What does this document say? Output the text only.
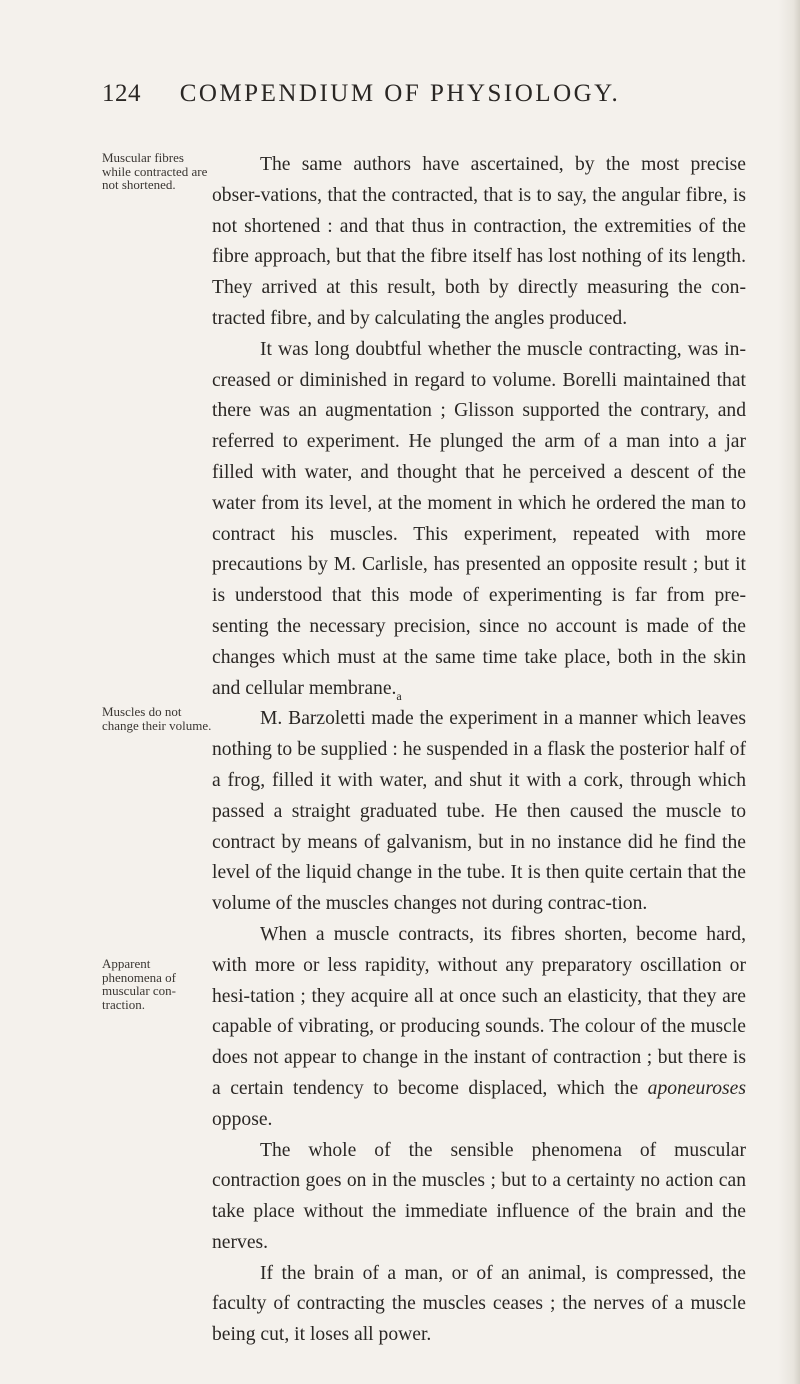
124	COMPENDIUM OF PHYSIOLOGY.
Muscular fibres while contracted are not shortened.
Muscles do not change their volume.
Apparent phenomena of muscular con-traction.

The same authors have ascertained, by the most precise obser-vations, that the contracted, that is to say, the angular fibre, is not shortened : and that thus in contraction, the extremities of the fibre approach, but that the fibre itself has lost nothing of its length. They arrived at this result, both by directly measuring the con-tracted fibre, and by calculating the angles produced.

It was long doubtful whether the muscle contracting, was in-creased or diminished in regard to volume. Borelli maintained that there was an augmentation ; Glisson supported the contrary, and referred to experiment. He plunged the arm of a man into a jar filled with water, and thought that he perceived a descent of the water from its level, at the moment in which he ordered the man to contract his muscles. This experiment, repeated with more precautions by M. Carlisle, has presented an opposite result ; but it is understood that this mode of experimenting is far from pre-senting the necessary precision, since no account is made of the changes which must at the same time take place, both in the skin and cellular $membrane._a$

M. Barzoletti made the experiment in a manner which leaves nothing to be supplied : he suspended in a flask the posterior half of a frog, filled it with water, and shut it with a cork, through which passed a straight graduated tube. He then caused the muscle to contract by means of galvanism, but in no instance did he find the level of the liquid change in the tube. It is then quite certain that the volume of the muscles changes not during contrac-tion.

When a muscle contracts, its fibres shorten, become hard, with more or less rapidity, without any preparatory oscillation or hesi-tation ; they acquire all at once such an elasticity, that they are capable of vibrating, or producing sounds. The colour of the muscle does not appear to change in the instant of contraction ; but there is a certain tendency to become displaced, which the aponeuroses oppose.

The whole of the sensible phenomena of muscular contraction goes on in the muscles ; but to a certainty no action can take place without the immediate influence of the brain and the nerves.

If the brain of a man, or of an animal, is compressed, the faculty of contracting the muscles ceases ; the nerves of a muscle being cut, it loses all power.
